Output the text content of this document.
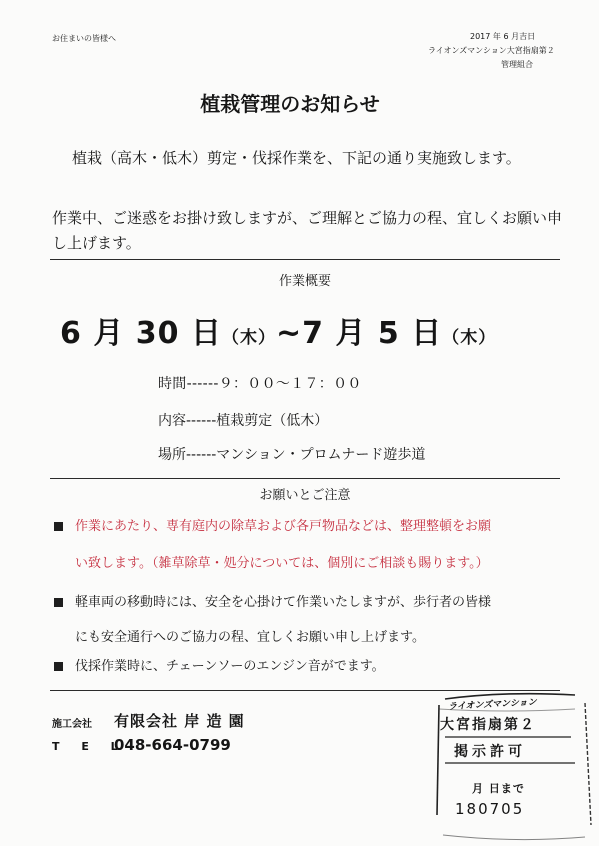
お住まいの皆様へ	2017 年 6 月吉日
ライオンズマンション大宮指扇第２
管理組合
植栽管理のお知らせ
植栽（高木・低木）剪定・伐採作業を、下記の通り実施致します。
作業中、ご迷惑をお掛け致しますが、ご理解とご協力の程、宜しくお願い申し上げます。
作業概要
6 月 30 日（木）~7 月 5 日（木）
時間------９：００～１７：００
内容------植栽剪定（低木）
場所------マンション・プロムナード遊歩道
お願いとご注意
作業にあたり、専有庭内の除草および各戸物品などは、整理整頓をお願
い致します。（雑草除草・処分については、個別にご相談も賜ります。）
軽車両の移動時には、安全を心掛けて作業いたしますが、歩行者の皆様
にも安全通行へのご協力の程、宜しくお願い申し上げます。
伐採作業時に、チェーンソーのエンジン音がでます。
施工会社 有限会社 岸 造 園
T E L
048-664-0799
ライオンズマンション
大宮指扇第２
掲示許可
月 日まで
180705
